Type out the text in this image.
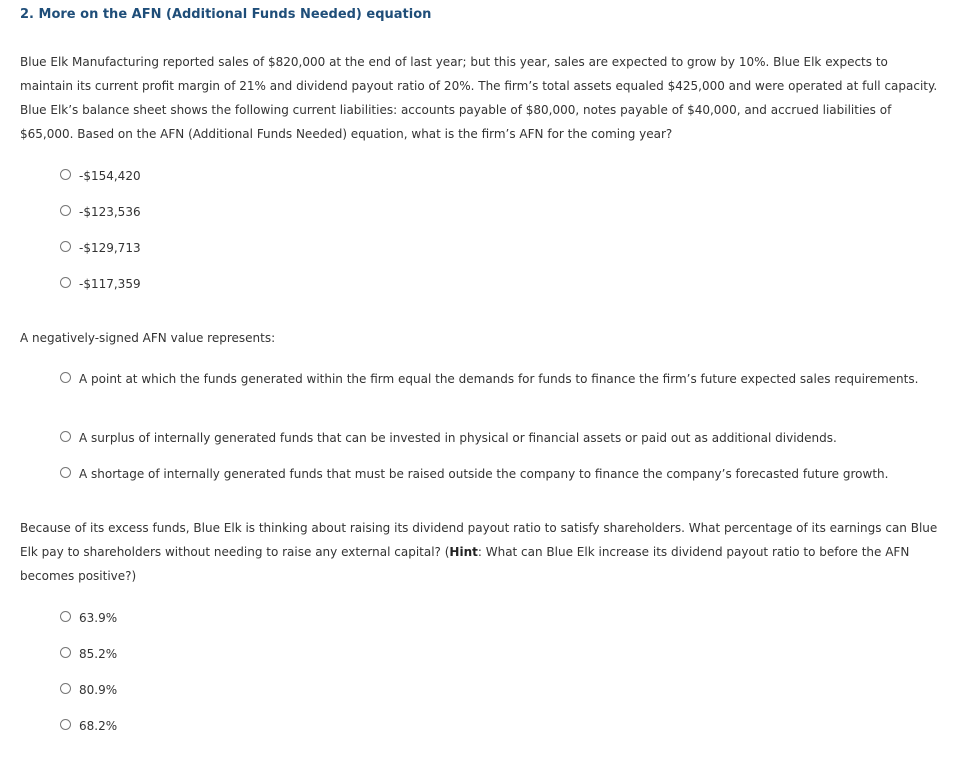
2. More on the AFN (Additional Funds Needed) equation

Blue Elk Manufacturing reported sales of $820,000 at the end of last year; but this year, sales are expected to grow by 10%. Blue Elk expects to maintain its current profit margin of 21% and dividend payout ratio of 20%. The firm’s total assets equaled $425,000 and were operated at full capacity. Blue Elk’s balance sheet shows the following current liabilities: accounts payable of $80,000, notes payable of $40,000, and accrued liabilities of $65,000. Based on the AFN (Additional Funds Needed) equation, what is the firm’s AFN for the coming year?

-$154,420
-$123,536
-$129,713
-$117,359

A negatively-signed AFN value represents:

A point at which the funds generated within the firm equal the demands for funds to finance the firm’s future expected sales requirements.
A surplus of internally generated funds that can be invested in physical or financial assets or paid out as additional dividends.
A shortage of internally generated funds that must be raised outside the company to finance the company’s forecasted future growth.

Because of its excess funds, Blue Elk is thinking about raising its dividend payout ratio to satisfy shareholders. What percentage of its earnings can Blue Elk pay to shareholders without needing to raise any external capital? (Hint: What can Blue Elk increase its dividend payout ratio to before the AFN becomes positive?)

63.9%
85.2%
80.9%
68.2%
